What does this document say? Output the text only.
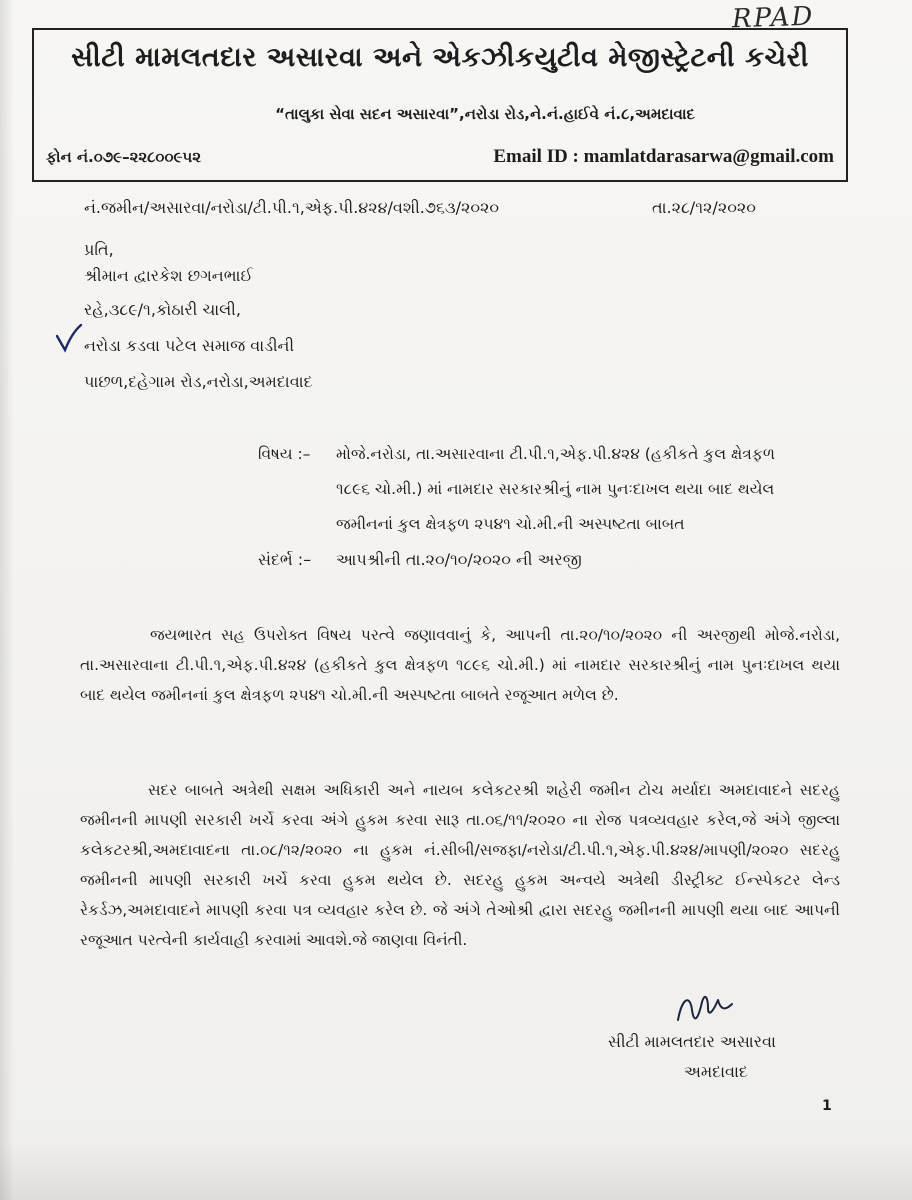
RPAD
સીટી મામલતદાર અસારવા અને એકઝીકયુટીવ મેજીસ્ટ્રેટની કચેરી
“તાલુકા સેવા સદન અસારવા”,નરોડા રોડ,ને.નં.હાઈવે નં.૮,અમદાવાદ
ફોન નં.૦૭૯–૨૨૮૦૦૯૫૨	Email ID : mamlatdarasarwa@gmail.com
નં.જમીન/અસારવા/નરોડા/ટી.પી.૧,એફ.પી.૪૨૪/વશી.૭૬૩/૨૦૨૦	તા.૨૮/૧૨/૨૦૨૦
પ્રતિ,
શ્રીમાન દ્વારકેશ છગનભાઈ
રહે,૩૮૯/૧,કોઠારી ચાલી,
નરોડા કડવા પટેલ સમાજ વાડીની
પાછળ,દહેગામ રોડ,નરોડા,અમદાવાદ
વિષય :– મોજે.નરોડા, તા.અસારવાના ટી.પી.૧,એફ.પી.૪૨૪ (હકીકતે કુલ ક્ષેત્રફળ
૧૮૯૬ ચો.મી.) માં નામદાર સરકારશ્રીનું નામ પુનઃદાખલ થયા બાદ થયેલ
જમીનનાં કુલ ક્ષેત્રફળ ૨૫૪૧ ચો.મી.ની અસ્પષ્ટતા બાબત
સંદર્ભ :– આપશ્રીની તા.૨૦/૧૦/૨૦૨૦ ની અરજી
જયભારત સહ ઉપરોક્ત વિષય પરત્વે જણાવવાનું કે, આપની તા.૨૦/૧૦/૨૦૨૦ ની અરજીથી મોજે.નરોડા, તા.અસારવાના ટી.પી.૧,એફ.પી.૪૨૪ (હકીકતે કુલ ક્ષેત્રફળ ૧૮૯૬ ચો.મી.) માં નામદાર સરકારશ્રીનું નામ પુનઃદાખલ થયા બાદ થયેલ જમીનનાં કુલ ક્ષેત્રફળ ૨૫૪૧ ચો.મી.ની અસ્પષ્ટતા બાબતે રજૂઆત મળેલ છે.
સદર બાબતે અત્રેથી સક્ષમ અધિકારી અને નાયબ કલેકટરશ્રી શહેરી જમીન ટોચ મર્યાદા અમદાવાદને સદરહુ જમીનની માપણી સરકારી ખર્ચે કરવા અંગે હુકમ કરવા સારૂ તા.૦૬/૧૧/૨૦૨૦ ના રોજ પત્રવ્યવહાર કરેલ,જે અંગે જીલ્લા કલેકટરશ્રી,અમદાવાદના તા.૦૮/૧૨/૨૦૨૦ ના હુકમ નં.સીબી/સજફા/નરોડા/ટી.પી.૧,એફ.પી.૪૨૪/માપણી/૨૦૨૦ સદરહુ જમીનની માપણી સરકારી ખર્ચે કરવા હુકમ થયેલ છે. સદરહુ હુકમ અન્વયે અત્રેથી ડીસ્ટ્રીક્ટ ઈન્સ્પેકટર લેન્ડ રેકર્ડઝ,અમદાવાદને માપણી કરવા પત્ર વ્યવહાર કરેલ છે. જે અંગે તેઓશ્રી દ્વારા સદરહુ જમીનની માપણી થયા બાદ આપની રજૂઆત પરત્વેની કાર્યવાહી કરવામાં આવશે.જે જાણવા વિનંતી.
સીટી મામલતદાર અસારવા
અમદાવાદ
1
